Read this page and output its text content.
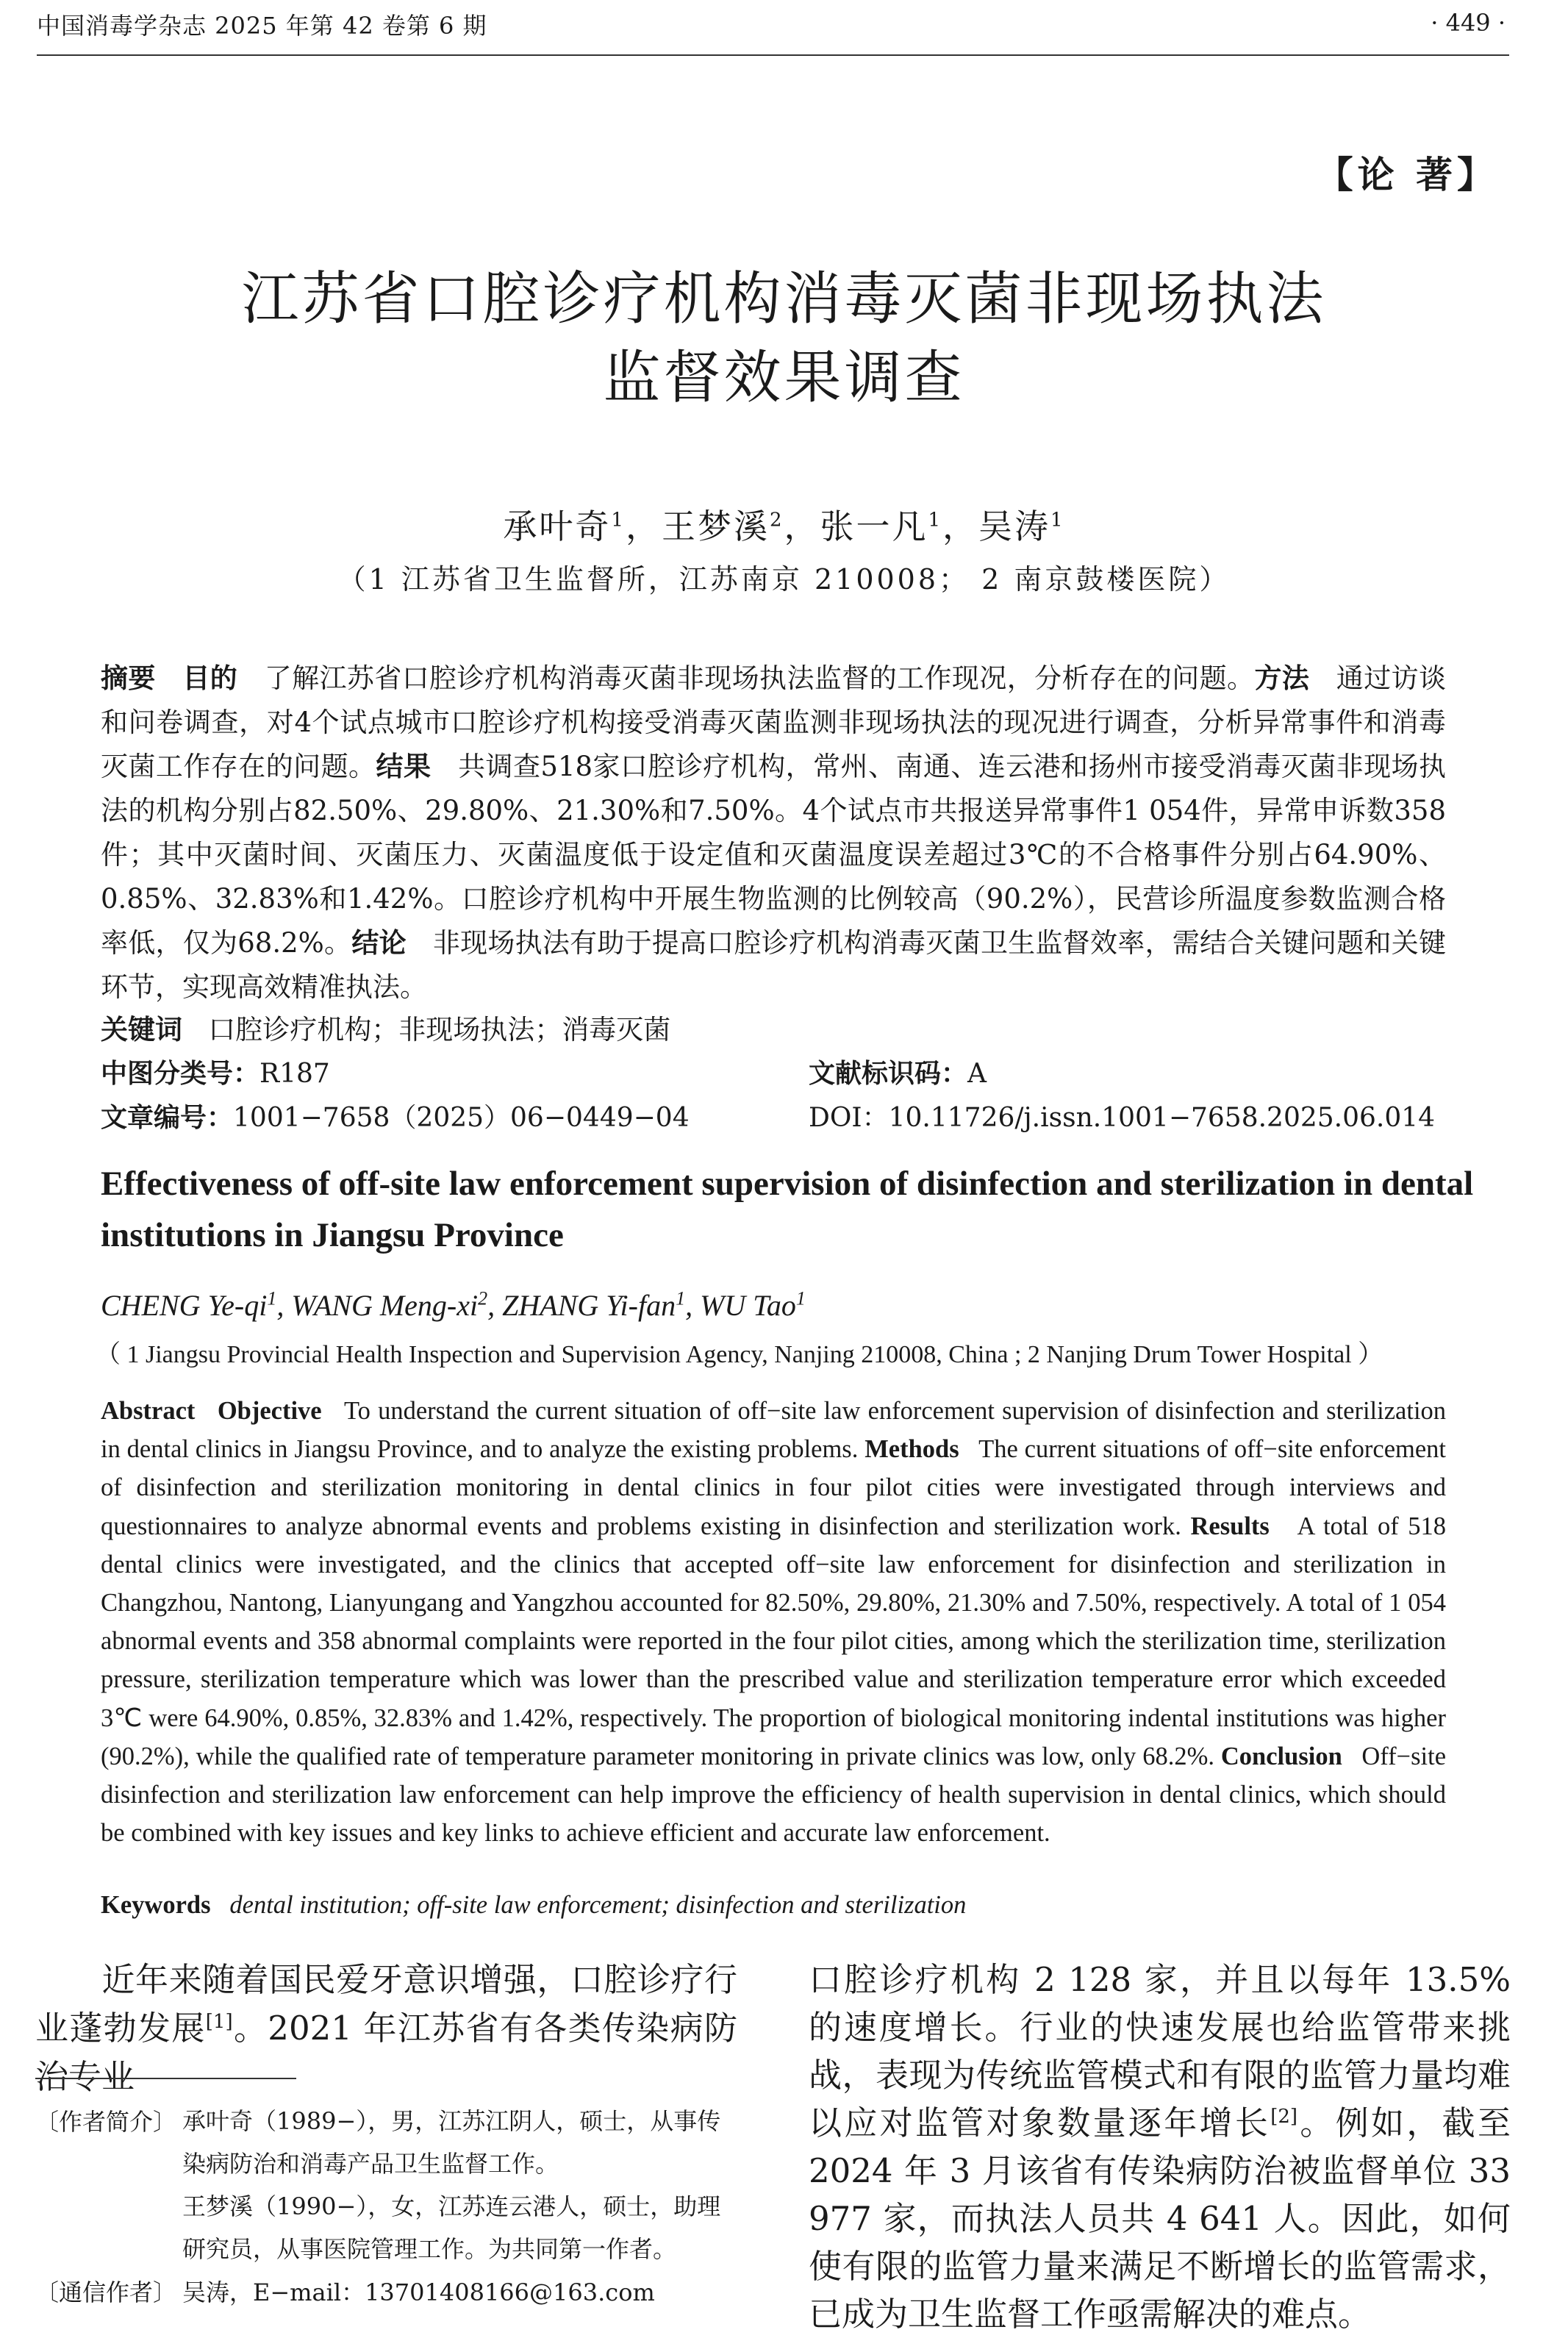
中国消毒学杂志 2025 年第 42 卷第 6 期	· 449 ·
【论 著】
江苏省口腔诊疗机构消毒灭菌非现场执法
监督效果调查
承叶奇$^1$，王梦溪$^2$，张一凡$^1$，吴涛$^1$
（1 江苏省卫生监督所，江苏南京 210008； 2 南京鼓楼医院）
摘要 目的 了解江苏省口腔诊疗机构消毒灭菌非现场执法监督的工作现况，分析存在的问题。方法 通过访谈和问卷调查，对4个试点城市口腔诊疗机构接受消毒灭菌监测非现场执法的现况进行调查，分析异常事件和消毒灭菌工作存在的问题。结果 共调查518家口腔诊疗机构，常州、南通、连云港和扬州市接受消毒灭菌非现场执法的机构分别占82.50%、29.80%、21.30%和7.50%。4个试点市共报送异常事件1 054件，异常申诉数358件；其中灭菌时间、灭菌压力、灭菌温度低于设定值和灭菌温度误差超过3℃的不合格事件分别占64.90%、0.85%、32.83%和1.42%。口腔诊疗机构中开展生物监测的比例较高（90.2%），民营诊所温度参数监测合格率低，仅为68.2%。结论 非现场执法有助于提高口腔诊疗机构消毒灭菌卫生监督效率，需结合关键问题和关键环节，实现高效精准执法。
关键词 口腔诊疗机构；非现场执法；消毒灭菌
中图分类号：R187	文献标识码：A
文章编号：1001−7658（2025）06−0449−04	DOI：10.11726/j.issn.1001−7658.2025.06.014
Effectiveness of off-site law enforcement supervision of disinfection and sterilization in dental institutions in Jiangsu Province
CHENG $Ye-qi^1$, WANG Meng-$xi^2$, ZHANG Yi-fan$^1$, WU Tao$^1$
（ 1 Jiangsu Provincial Health Inspection and Supervision Agency, Nanjing 210008, China ; 2 Nanjing Drum Tower Hospital ）
Abstract Objective To understand the current situation of off−site law enforcement supervision of disinfection and sterilization in dental clinics in Jiangsu Province, and to analyze the existing problems. Methods The current situations of off−site enforcement of disinfection and sterilization monitoring in dental clinics in four pilot cities were investigated through interviews and questionnaires to analyze abnormal events and problems existing in disinfection and sterilization work. Results A total of 518 dental clinics were investigated, and the clinics that accepted off−site law enforcement for disinfection and sterilization in Changzhou, Nantong, Lianyungang and Yangzhou accounted for 82.50%, 29.80%, 21.30% and 7.50%, respectively. A total of 1 054 abnormal events and 358 abnormal complaints were reported in the four pilot cities, among which the sterilization time, sterilization pressure, sterilization temperature which was lower than the prescribed value and sterilization temperature error which exceeded 3℃ were 64.90%, 0.85%, 32.83% and 1.42%, respectively. The proportion of biological monitoring indental institutions was higher (90.2%), while the qualified rate of temperature parameter monitoring in private clinics was low, only 68.2%. Conclusion Off−site disinfection and sterilization law enforcement can help improve the efficiency of health supervision in dental clinics, which should be combined with key issues and key links to achieve efficient and accurate law enforcement.
Keywords dental institution; off-site law enforcement; disinfection and sterilization
近年来随着国民爱牙意识增强，口腔诊疗行业蓬勃发展[1]。2021 年江苏省有各类传染病防治专业
〔作者简介〕 承叶奇（1989−），男，江苏江阴人，硕士，从事传染病防治和消毒产品卫生监督工作。
王梦溪（1990−），女，江苏连云港人，硕士，助理研究员，从事医院管理工作。为共同第一作者。
〔通信作者〕 吴涛，E−mail：13701408166@163.com
口腔诊疗机构 2 128 家，并且以每年 13.5% 的速度增长。行业的快速发展也给监管带来挑战，表现为传统监管模式和有限的监管力量均难以应对监管对象数量逐年增长[2]。例如，截至 2024 年 3 月该省有传染病防治被监督单位 33 977 家，而执法人员共 4 641 人。因此，如何使有限的监管力量来满足不断增长的监管需求，已成为卫生监督工作亟需解决的难点。
